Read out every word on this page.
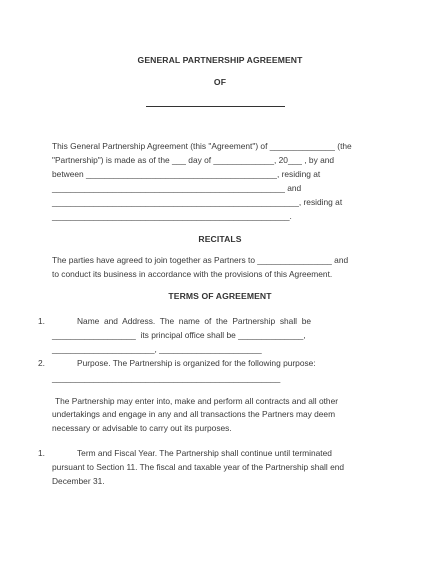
GENERAL PARTNERSHIP AGREEMENT
OF
This General Partnership Agreement (this "Agreement") of ______________ (the
"Partnership") is made as of the ___ day of _____________, 20___ , by and
between _________________________________________, residing at
__________________________________________________ and
_____________________________________________________, residing at
___________________________________________________.
RECITALS
The parties have agreed to join together as Partners to ________________ and
to conduct its business in accordance with the provisions of this Agreement.
TERMS OF AGREEMENT
1.	Name  and  Address.  The  name  of  the  Partnership  shall  be
__________________  its principal office shall be ______________,
______________________, ______________________
2.	Purpose. The Partnership is organized for the following purpose:
_________________________________________________
The Partnership may enter into, make and perform all contracts and all other
undertakings and engage in any and all transactions the Partners may deem
necessary or advisable to carry out its purposes.
1.	Term and Fiscal Year. The Partnership shall continue until terminated
pursuant to Section 11. The fiscal and taxable year of the Partnership shall end
December 31.
